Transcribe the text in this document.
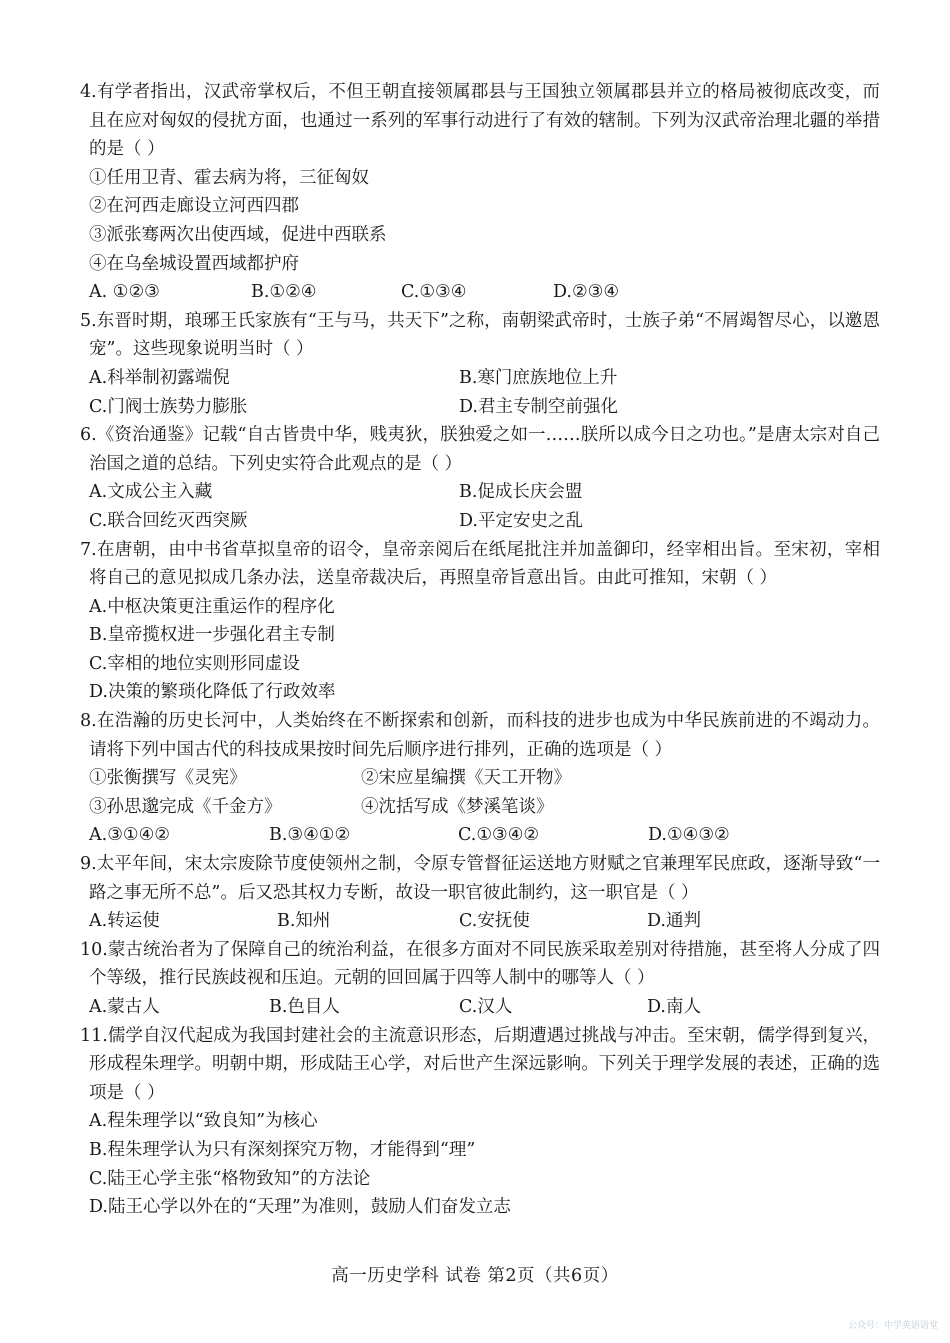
4.有学者指出，汉武帝掌权后，不但王朝直接领属郡县与王国独立领属郡县并立的格局被彻底改变，而且在应对匈奴的侵扰方面，也通过一系列的军事行动进行了有效的辖制。下列为汉武帝治理北疆的举措的是（ ）

①任用卫青、霍去病为将，三征匈奴

②在河西走廊设立河西四郡

③派张骞两次出使西域，促进中西联系

④在乌垒城设置西域都护府

A. ①②③	B.①②④	C.①③④	D.②③④

5.东晋时期，琅琊王氏家族有“王与马，共天下”之称，南朝梁武帝时，士族子弟“不屑竭智尽心，以邀恩宠”。这些现象说明当时（ ）

A.科举制初露端倪	B.寒门庶族地位上升
C.门阀士族势力膨胀	D.君主专制空前强化

6.《资治通鉴》记载“自古皆贵中华，贱夷狄，朕独爱之如一……朕所以成今日之功也。”是唐太宗对自己治国之道的总结。下列史实符合此观点的是（ ）

A.文成公主入藏	B.促成长庆会盟
C.联合回纥灭西突厥	D.平定安史之乱

7.在唐朝，由中书省草拟皇帝的诏令，皇帝亲阅后在纸尾批注并加盖御印，经宰相出旨。至宋初，宰相将自己的意见拟成几条办法，送皇帝裁决后，再照皇帝旨意出旨。由此可推知，宋朝（ ）

A.中枢决策更注重运作的程序化

B.皇帝揽权进一步强化君主专制

C.宰相的地位实则形同虚设

D.决策的繁琐化降低了行政效率

8.在浩瀚的历史长河中，人类始终在不断探索和创新，而科技的进步也成为中华民族前进的不竭动力。请将下列中国古代的科技成果按时间先后顺序进行排列，正确的选项是（ ）

①张衡撰写《灵宪》	②宋应星编撰《天工开物》
③孙思邈完成《千金方》	④沈括写成《梦溪笔谈》
A.③①④②	B.③④①②	C.①③④②	D.①④③②

9.太平年间，宋太宗废除节度使领州之制，令原专管督征运送地方财赋之官兼理军民庶政，逐渐导致“一路之事无所不总”。后又恐其权力专断，故设一职官彼此制约，这一职官是（ ）

A.转运使	B.知州	C.安抚使	D.通判

10.蒙古统治者为了保障自己的统治利益，在很多方面对不同民族采取差别对待措施，甚至将人分成了四个等级，推行民族歧视和压迫。元朝的回回属于四等人制中的哪等人（ ）

A.蒙古人	B.色目人	C.汉人	D.南人

11.儒学自汉代起成为我国封建社会的主流意识形态，后期遭遇过挑战与冲击。至宋朝，儒学得到复兴，形成程朱理学。明朝中期，形成陆王心学，对后世产生深远影响。下列关于理学发展的表述，正确的选项是（ ）

A.程朱理学以“致良知”为核心

B.程朱理学认为只有深刻探究万物，才能得到“理”

C.陆王心学主张“格物致知”的方法论

D.陆王心学以外在的“天理”为准则，鼓励人们奋发立志

高一历史学科 试卷 第2页（共6页）
公众号：中学英语语堂
